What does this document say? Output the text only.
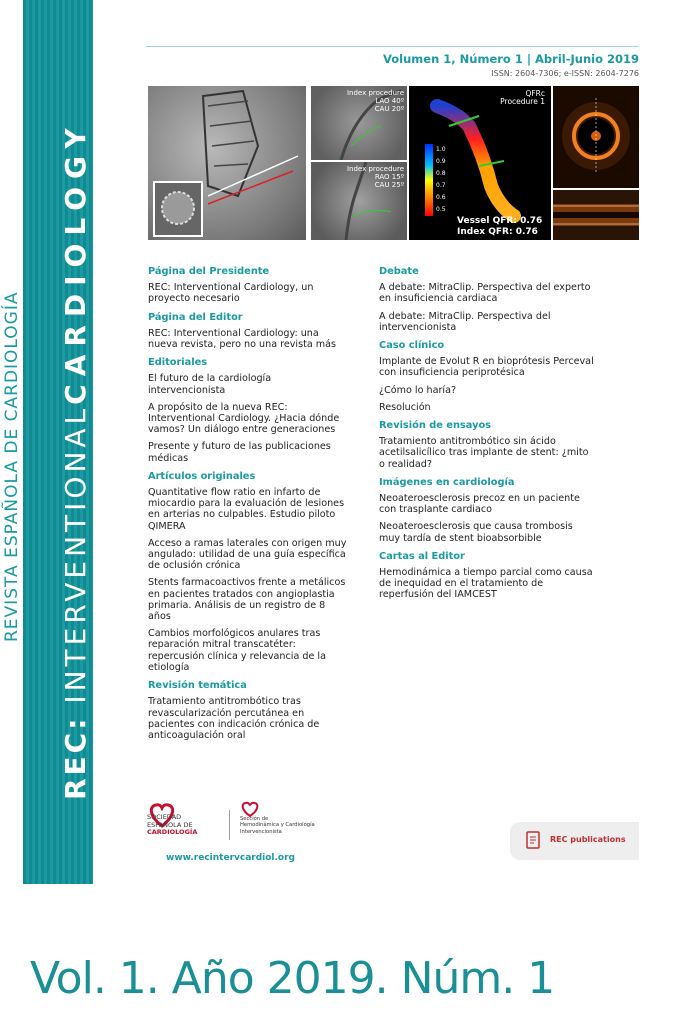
REC: INTERVENTIONALCARDIOLOGY
REVISTA ESPAÑOLA DE CARDIOLOGÍA
Volumen 1, Número 1 | Abril-Junio 2019
ISSN: 2604-7306; e-ISSN: 2604-7276
Index procedure
LAO 40º
CAU 20º
Index procedure
RAO 15º
CAU 25º
QFRc
Procedure 1
1.0
0.9
0.8
0.7
0.6
0.5
Vessel QFR: 0.76
Index QFR: 0.76
Página del Presidente
REC: Interventional Cardiology, un proyecto necesario
Página del Editor
REC: Interventional Cardiology: una nueva revista, pero no una revista más
Editoriales
El futuro de la cardiología intervencionista
A propósito de la nueva REC: Interventional Cardiology. ¿Hacia dónde vamos? Un diálogo entre generaciones
Presente y futuro de las publicaciones médicas
Artículos originales
Quantitative flow ratio en infarto de miocardio para la evaluación de lesiones en arterias no culpables. Estudio piloto QIMERA
Acceso a ramas laterales con origen muy angulado: utilidad de una guía específica de oclusión crónica
Stents farmacoactivos frente a metálicos en pacientes tratados con angioplastia primaria. Análisis de un registro de 8 años
Cambios morfológicos anulares tras reparación mitral transcatéter: repercusión clínica y relevancia de la etiología
Revisión temática
Tratamiento antitrombótico tras revascularización percutánea en pacientes con indicación crónica de anticoagulación oral
Debate
A debate: MitraClip. Perspectiva del experto en insuficiencia cardiaca
A debate: MitraClip. Perspectiva del intervencionista
Caso clínico
Implante de Evolut R en bioprótesis Perceval con insuficiencia periprotésica
¿Cómo lo haría?
Resolución
Revisión de ensayos
Tratamiento antitrombótico sin ácido acetilsalicílico tras implante de stent: ¿mito o realidad?
Imágenes en cardiología
Neoateroesclerosis precoz en un paciente con trasplante cardiaco
Neoateroesclerosis que causa trombosis muy tardía de stent bioabsorbible
Cartas al Editor
Hemodinámica a tiempo parcial como causa de inequidad en el tratamiento de reperfusión del IAMCEST
SOCIEDAD
ESPAÑOLA DE
CARDIOLOGÍA
Sección de
Hemodinámica y Cardiología
Intervencionista
www.recintervcardiol.org
REC publications
Vol. 1. Año 2019. Núm. 1
